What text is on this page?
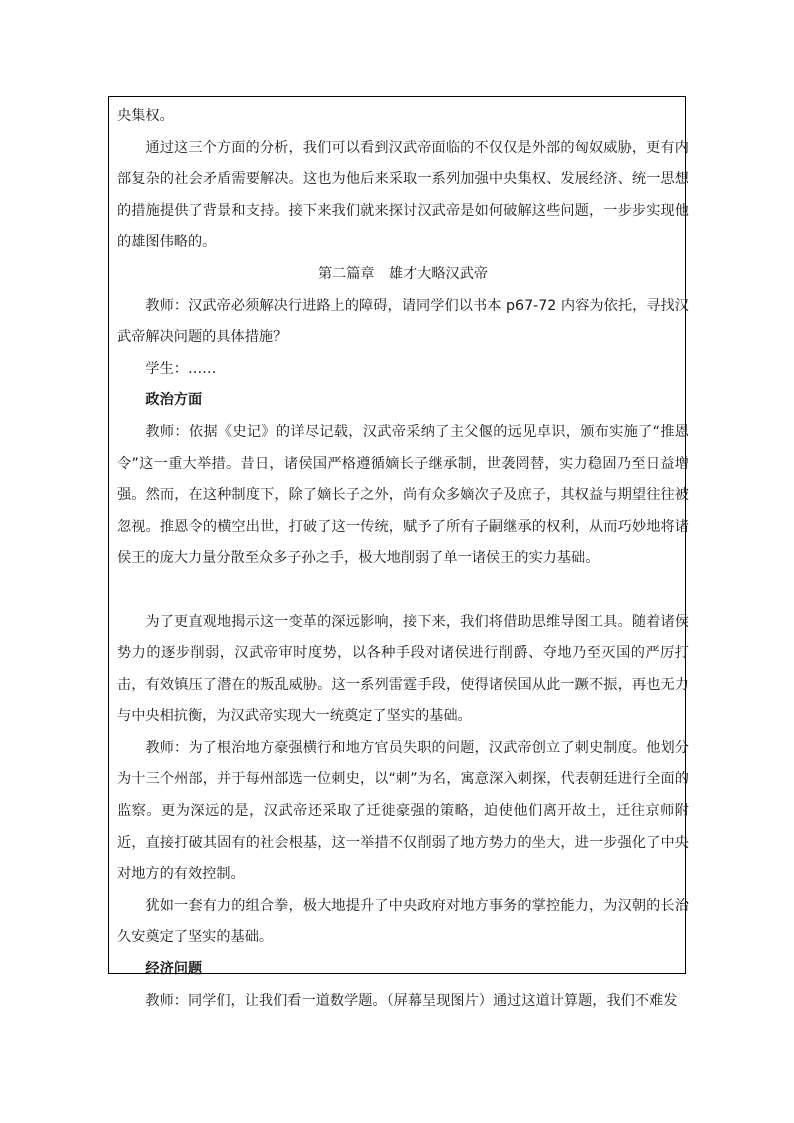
央集权。

通过这三个方面的分析，我们可以看到汉武帝面临的不仅仅是外部的匈奴威胁，更有内部复杂的社会矛盾需要解决。这也为他后来采取一系列加强中央集权、发展经济、统一思想的措施提供了背景和支持。接下来我们就来探讨汉武帝是如何破解这些问题，一步步实现他的雄图伟略的。

第二篇章　雄才大略汉武帝

教师：汉武帝必须解决行进路上的障碍，请同学们以书本 p67-72 内容为依托，寻找汉武帝解决问题的具体措施？

学生：……

政治方面

教师：依据《史记》的详尽记载，汉武帝采纳了主父偃的远见卓识，颁布实施了“推恩令”这一重大举措。昔日，诸侯国严格遵循嫡长子继承制，世袭罔替，实力稳固乃至日益增强。然而，在这种制度下，除了嫡长子之外，尚有众多嫡次子及庶子，其权益与期望往往被忽视。推恩令的横空出世，打破了这一传统，赋予了所有子嗣继承的权利，从而巧妙地将诸侯王的庞大力量分散至众多子孙之手，极大地削弱了单一诸侯王的实力基础。

为了更直观地揭示这一变革的深远影响，接下来，我们将借助思维导图工具。随着诸侯势力的逐步削弱，汉武帝审时度势，以各种手段对诸侯进行削爵、夺地乃至灭国的严厉打击，有效镇压了潜在的叛乱威胁。这一系列雷霆手段，使得诸侯国从此一蹶不振，再也无力与中央相抗衡，为汉武帝实现大一统奠定了坚实的基础。

教师：为了根治地方豪强横行和地方官员失职的问题，汉武帝创立了刺史制度。他划分为十三个州部，并于每州部选一位刺史，以“刺”为名，寓意深入刺探，代表朝廷进行全面的监察。更为深远的是，汉武帝还采取了迁徙豪强的策略，迫使他们离开故土，迁往京师附近，直接打破其固有的社会根基，这一举措不仅削弱了地方势力的坐大，进一步强化了中央对地方的有效控制。

犹如一套有力的组合拳，极大地提升了中央政府对地方事务的掌控能力，为汉朝的长治久安奠定了坚实的基础。

经济问题

教师：同学们，让我们看一道数学题。（屏幕呈现图片）通过这道计算题，我们不难发
